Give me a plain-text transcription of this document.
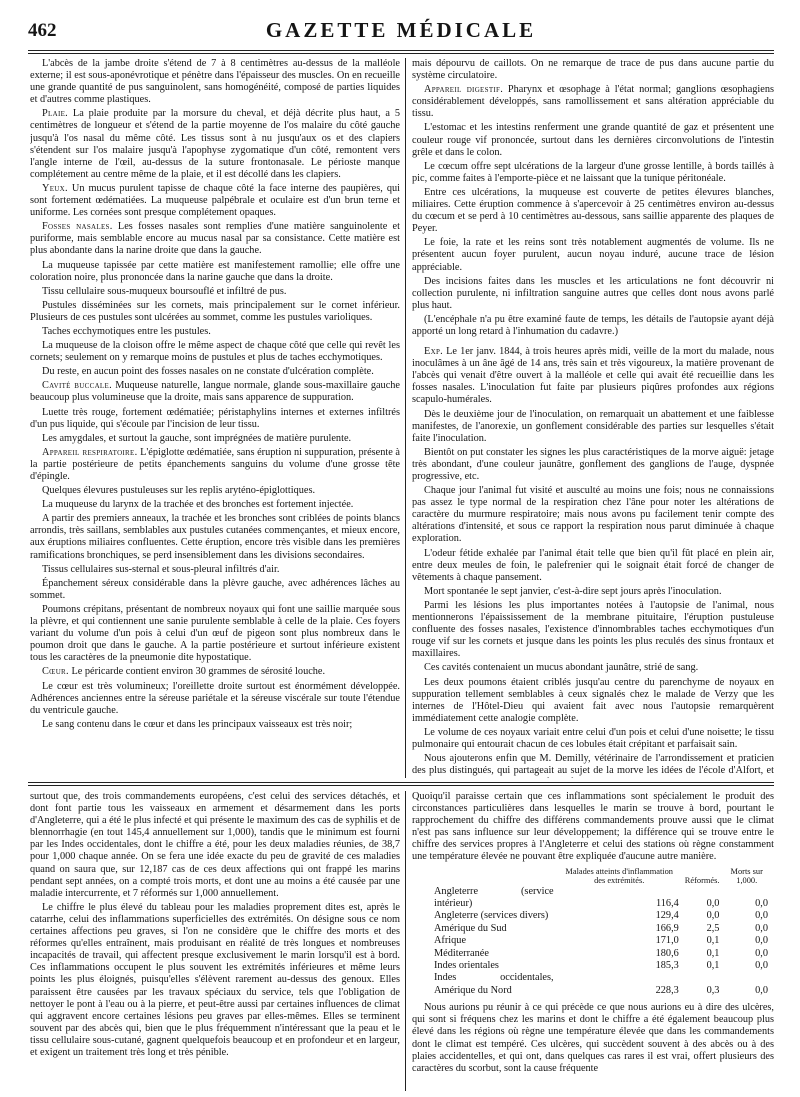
462	GAZETTE MÉDICALE

L'abcès de la jambe droite s'étend de 7 à 8 centimètres au-dessus de la malléole externe; il est sous-aponévrotique et pénètre dans l'épaisseur des muscles. On en recueille une grande quantité de pus sanguinolent, sans homogénéité, composé de parties liquides et d'autres comme plastiques.

Plaie. La plaie produite par la morsure du cheval, et déjà décrite plus haut, a 5 centimètres de longueur et s'étend de la partie moyenne de l'os malaire du côté gauche jusqu'à l'os nasal du même côté. Les tissus sont à nu jusqu'aux os et des clapiers s'étendent sur l'os malaire jusqu'à l'apophyse zygomatique d'un côté, remontent vers l'angle interne de l'œil, au-dessus de la suture frontonasale. Le périoste manque complétement au centre même de la plaie, et il est décollé dans les clapiers.

Yeux. Un mucus purulent tapisse de chaque côté la face interne des paupières, qui sont fortement œdématiées. La muqueuse palpébrale et oculaire est d'un brun terne et uniforme. Les cornées sont presque complétement opaques.

Fosses nasales. Les fosses nasales sont remplies d'une matière sanguinolente et puriforme, mais semblable encore au mucus nasal par sa consistance. Cette matière est plus abondante dans la narine droite que dans la gauche.

La muqueuse tapissée par cette matière est manifestement ramollie; elle offre une coloration noire, plus prononcée dans la narine gauche que dans la droite.

Tissu cellulaire sous-muqueux boursouflé et infiltré de pus.

Pustules disséminées sur les cornets, mais principalement sur le cornet inférieur. Plusieurs de ces pustules sont ulcérées au sommet, comme les pustules varioliques.

Taches ecchymotiques entre les pustules.

La muqueuse de la cloison offre le même aspect de chaque côté que celle qui revêt les cornets; seulement on y remarque moins de pustules et plus de taches ecchymotiques.

Du reste, en aucun point des fosses nasales on ne constate d'ulcération complète.

Cavité buccale. Muqueuse naturelle, langue normale, glande sous-maxillaire gauche beaucoup plus volumineuse que la droite, mais sans apparence de suppuration.

Luette très rouge, fortement œdématiée; péristaphylins internes et externes infiltrés d'un pus liquide, qui s'écoule par l'incision de leur tissu.

Les amygdales, et surtout la gauche, sont imprégnées de matière purulente.

Appareil respiratoire. L'épiglotte œdématiée, sans éruption ni suppuration, présente à la partie postérieure de petits épanchements sanguins du volume d'une grosse tête d'épingle.

Quelques élevures pustuleuses sur les replis aryténo-épiglottiques.

La muqueuse du larynx de la trachée et des bronches est fortement injectée.

A partir des premiers anneaux, la trachée et les bronches sont criblées de points blancs arrondis, très saillans, semblables aux pustules cutanées commençantes, et mieux encore, aux éruptions miliaires confluentes. Cette éruption, encore très visible dans les premières ramifications bronchiques, se perd insensiblement dans les divisions secondaires.

Tissus cellulaires sus-sternal et sous-pleural infiltrés d'air.

Épanchement séreux considérable dans la plèvre gauche, avec adhérences lâches au sommet.

Poumons crépitans, présentant de nombreux noyaux qui font une saillie marquée sous la plèvre, et qui contiennent une sanie purulente semblable à celle de la plaie. Ces foyers variant du volume d'un pois à celui d'un œuf de pigeon sont plus nombreux dans le poumon droit que dans le gauche. A la partie postérieure et surtout inférieure existent tous les caractères de la pneumonie dite hypostatique.

Cœur. Le péricarde contient environ 30 grammes de sérosité louche.

Le cœur est très volumineux; l'oreillette droite surtout est énormément développée. Adhérences anciennes entre la séreuse pariétale et la séreuse viscérale sur toute l'étendue du ventricule gauche.

Le sang contenu dans le cœur et dans les principaux vaisseaux est très noir;

mais dépourvu de caillots. On ne remarque de trace de pus dans aucune partie du système circulatoire.

Appareil digestif. Pharynx et œsophage à l'état normal; ganglions œsophagiens considérablement développés, sans ramollissement et sans altération appréciable du tissu.

L'estomac et les intestins renferment une grande quantité de gaz et présentent une couleur rouge vif prononcée, surtout dans les dernières circonvolutions de l'intestin grêle et dans le colon.

Le cœcum offre sept ulcérations de la largeur d'une grosse lentille, à bords taillés à pic, comme faites à l'emporte-pièce et ne laissant que la tunique péritonéale.

Entre ces ulcérations, la muqueuse est couverte de petites élevures blanches, miliaires. Cette éruption commence à s'apercevoir à 25 centimètres environ au-dessus du cœcum et se perd à 10 centimètres au-dessous, sans saillie apparente des plaques de Peyer.

Le foie, la rate et les reins sont très notablement augmentés de volume. Ils ne présentent aucun foyer purulent, aucun noyau induré, aucune trace de lésion appréciable.

Des incisions faites dans les muscles et les articulations ne font découvrir ni collection purulente, ni infiltration sanguine autres que celles dont nous avons parlé plus haut.

(L'encéphale n'a pu être examiné faute de temps, les détails de l'autopsie ayant déjà apporté un long retard à l'inhumation du cadavre.)

Exp. Le 1er janv. 1844, à trois heures après midi, veille de la mort du malade, nous inoculâmes à un âne âgé de 14 ans, très sain et très vigoureux, la matière provenant de l'abcès qui venait d'être ouvert à la malléole et celle qui avait été recueillie dans les fosses nasales. L'inoculation fut faite par plusieurs piqûres profondes aux régions scapulo-humérales.

Dès le deuxième jour de l'inoculation, on remarquait un abattement et une faiblesse manifestes, de l'anorexie, un gonflement considérable des parties sur lesquelles s'était faite l'inoculation.

Bientôt on put constater les signes les plus caractéristiques de la morve aiguë: jetage très abondant, d'une couleur jaunâtre, gonflement des ganglions de l'auge, dyspnée progressive, etc.

Chaque jour l'animal fut visité et ausculté au moins une fois; nous ne connaissions pas assez le type normal de la respiration chez l'âne pour noter les altérations de caractère du murmure respiratoire; mais nous avons pu facilement tenir compte des altérations d'intensité, et sous ce rapport la respiration nous parut diminuée à chaque exploration.

L'odeur fétide exhalée par l'animal était telle que bien qu'il fût placé en plein air, entre deux meules de foin, le palefrenier qui le soignait était forcé de changer de vêtements à chaque pansement.

Mort spontanée le sept janvier, c'est-à-dire sept jours après l'inoculation.

Parmi les lésions les plus importantes notées à l'autopsie de l'animal, nous mentionnerons l'épaississement de la membrane pituitaire, l'éruption pustuleuse confluente des fosses nasales, l'existence d'innombrables taches ecchymotiques d'un rouge vif sur les cornets et jusque dans les points les plus reculés des sinus frontaux et maxillaires.

Ces cavités contenaient un mucus abondant jaunâtre, strié de sang.

Les deux poumons étaient criblés jusqu'au centre du parenchyme de noyaux en suppuration tellement semblables à ceux signalés chez le malade de Verzy que les internes de l'Hôtel-Dieu qui avaient fait avec nous l'autopsie remarquèrent immédiatement cette analogie complète.

Le volume de ces noyaux variait entre celui d'un pois et celui d'une noisette; le tissu pulmonaire qui entourait chacun de ces lobules était crépitant et parfaisait sain.

Nous ajouterons enfin que M. Demilly, vétérinaire de l'arrondissement et praticien des plus distingués, qui partageait au sujet de la morve les idées de l'école d'Alfort, et

surtout que, des trois commandements européens, c'est celui des services détachés, et dont font partie tous les vaisseaux en armement et désarmement dans les ports d'Angleterre, qui a été le plus infecté et qui présente le maximum des cas de syphilis et de blennorrhagie (en tout 145,4 annuellement sur 1,000), tandis que le minimum est fourni par les Indes occidentales, dont le chiffre a été, pour les deux maladies réunies, de 38,7 pour 1,000 chaque année. On se fera une idée exacte du peu de gravité de ces maladies quand on saura que, sur 12,187 cas de ces deux affections qui ont frappé les marins pendant sept années, on a compté trois morts, et dont une au moins a été causée par une maladie intercurrente, et 7 réformés sur 1,000 annuellement.

Le chiffre le plus élevé du tableau pour les maladies proprement dites est, après le catarrhe, celui des inflammations superficielles des extrémités. On désigne sous ce nom certaines affections peu graves, si l'on ne considère que le chiffre des morts et des réformes qu'elles entraînent, mais produisant en réalité de très longues et nombreuses incapacités de travail, qui affectent presque exclusivement le marin lorsqu'il est à bord. Ces inflammations occupent le plus souvent les extrémités inférieures et même leurs points les plus éloignés, puisqu'elles s'élèvent rarement au-dessus des genoux. Elles paraissent être causées par les travaux spéciaux du service, tels que l'obligation de nettoyer le pont à l'eau ou à la pierre, et peut-être aussi par certaines influences de climat qui aggravent encore certaines lésions peu graves par elles-mêmes. Elles se terminent souvent par des abcès qui, bien que le plus fréquemment n'intéressant que la peau et le tissu cellulaire sous-cutané, gagnent quelquefois beaucoup et en profondeur et en largeur, et exigent un traitement très long et très pénible.

Quoiqu'il paraisse certain que ces inflammations sont spécialement le produit des circonstances particulières dans lesquelles le marin se trouve à bord, pourtant le rapprochement du chiffre des différens commandements prouve aussi que le climat n'est pas sans influence sur leur développement; la différence qui se trouve entre le chiffre des services propres à l'Angleterre et celui des stations où règne constamment une température élevée ne pouvant être expliquée d'aucune autre manière.

	Malades atteints d'inflammation des extrémités.	Réformés.	Morts sur 1,000.
Angleterre (service intérieur)	116,4	0,0	0,0
Angleterre (services divers)	129,4	0,0	0,0
Amérique du Sud	166,9	2,5	0,0
Afrique	171,0	0,1	0,0
Méditerranée	180,6	0,1	0,0
Indes orientales	185,3	0,1	0,0
Indes occidentales, Amérique du Nord	228,3	0,3	0,0

Nous aurions pu réunir à ce qui précède ce que nous aurions eu à dire des ulcères, qui sont si fréquens chez les marins et dont le chiffre a été également beaucoup plus élevé dans les régions où règne une température élevée que dans les commandements dont le climat est tempéré. Ces ulcères, qui succèdent souvent à des abcès ou à des plaies accidentelles, et qui ont, dans quelques cas rares il est vrai, offert plusieurs des caractères du scorbut, sont la cause fréquente
